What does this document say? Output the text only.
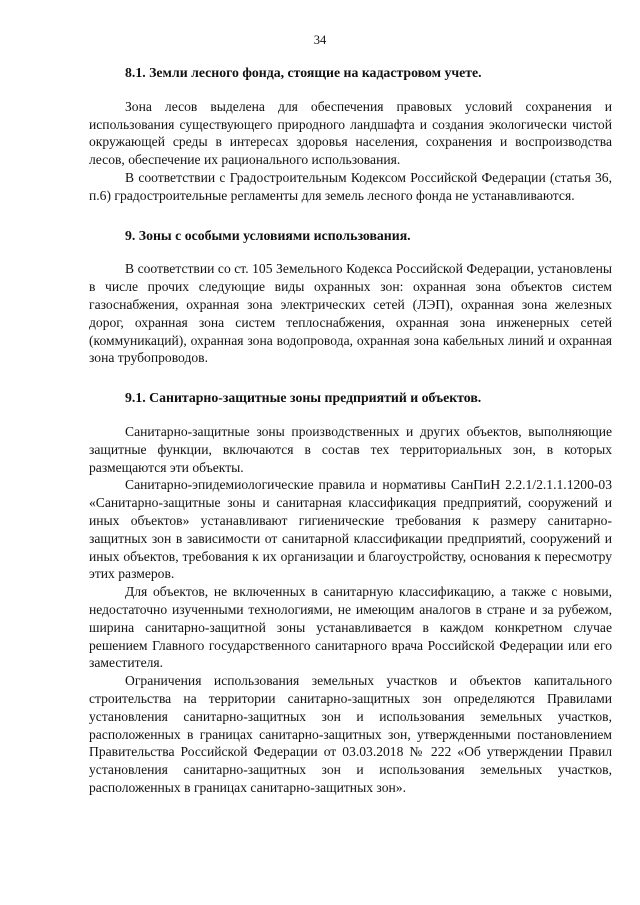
34

8.1. Земли лесного фонда, стоящие на кадастровом учете.

Зона лесов выделена для обеспечения правовых условий сохранения и использования существующего природного ландшафта и создания экологически чистой окружающей среды в интересах здоровья населения, сохранения и воспроизводства лесов, обеспечение их рационального использования.

В соответствии с Градостроительным Кодексом Российской Федерации (статья 36, п.6) градостроительные регламенты для земель лесного фонда не устанавливаются.

9. Зоны с особыми условиями использования.

В соответствии со ст. 105 Земельного Кодекса Российской Федерации, установлены в числе прочих следующие виды охранных зон: охранная зона объектов систем газоснабжения, охранная зона электрических сетей (ЛЭП), охранная зона железных дорог, охранная зона систем теплоснабжения, охранная зона инженерных сетей (коммуникаций), охранная зона водопровода, охранная зона кабельных линий и охранная зона трубопроводов.

9.1. Санитарно-защитные зоны предприятий и объектов.

Санитарно-защитные зоны производственных и других объектов, выполняющие защитные функции, включаются в состав тех территориальных зон, в которых размещаются эти объекты.

Санитарно-эпидемиологические правила и нормативы СанПиН 2.2.1/2.1.1.1200-03 «Санитарно-защитные зоны и санитарная классификация предприятий, сооружений и иных объектов» устанавливают гигиенические требования к размеру санитарно-защитных зон в зависимости от санитарной классификации предприятий, сооружений и иных объектов, требования к их организации и благоустройству, основания к пересмотру этих размеров.

Для объектов, не включенных в санитарную классификацию, а также с новыми, недостаточно изученными технологиями, не имеющим аналогов в стране и за рубежом, ширина санитарно-защитной зоны устанавливается в каждом конкретном случае решением Главного государственного санитарного врача Российской Федерации или его заместителя.

Ограничения использования земельных участков и объектов капитального строительства на территории санитарно-защитных зон определяются Правилами установления санитарно-защитных зон и использования земельных участков, расположенных в границах санитарно-защитных зон, утвержденными постановлением Правительства Российской Федерации от 03.03.2018 № 222 «Об утверждении Правил установления санитарно-защитных зон и использования земельных участков, расположенных в границах санитарно-защитных зон».
